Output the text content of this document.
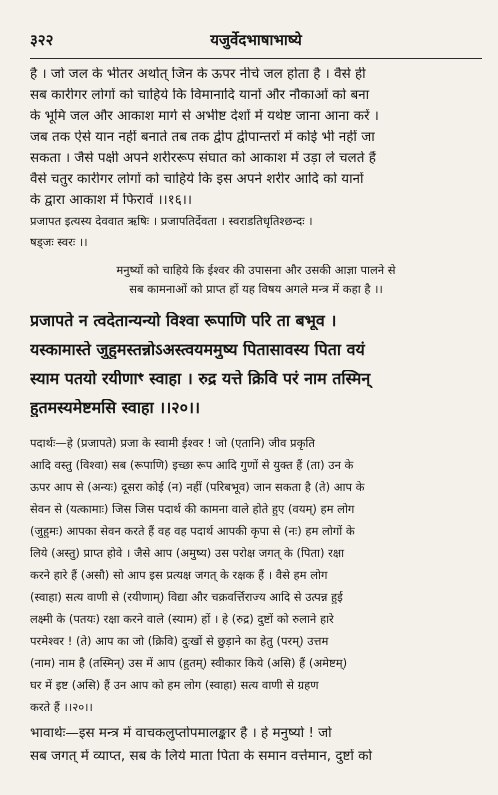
३२२	यजुर्वेदभाषाभाष्ये
है । जो जल के भीतर अर्थात् जिन के ऊपर नीचे जल होता है । वैसे ही
सब कारीगर लोगों को चाहिये कि विमानादि यानों और नौकाओं को बना
के भूमि जल और आकाश मार्ग से अभीष्ट देशों में यथेष्ट जाना आना करें ।
जब तक ऐसे यान नहीं बनाते तब तक द्वीप द्वीपान्तरों में कोई भी नहीं जा
सकता । जैसे पक्षी अपने शरीररूप संघात को आकाश में उड़ा ले चलते हैं
वैसे चतुर कारीगर लोगों को चाहिये कि इस अपने शरीर आदि को यानों
के द्वारा आकाश में फिरावें ।।१६।।
प्रजापत इत्यस्य देववात ऋषिः । प्रजापतिर्देवता । स्वराडतिधृतिश्छन्दः ।
षड्जः स्वरः ।।
मनुष्यों को चाहिये कि ईश्वर की उपासना और उसकी आज्ञा पालने से
सब कामनाओं को प्राप्त हों यह विषय अगले मन्त्र में कहा है ।।
प्रजापते न त्वदेतान्यन्यो विश्वा रूपाणि परि ता बभूव ।
यस्कामास्ते जुहुमस्तन्नोऽअस्त्वयममुष्य पितासावस्य पिता वयं
स्याम पतयो रयीणाꣳ स्वाहा । रुद्र यत्ते क्रिवि परं नाम तस्मिन्
हुतमस्यमेष्टमसि स्वाहा ।।२०।।
पदार्थः—हे (प्रजापते) प्रजा के स्वामी ईश्वर ! जो (एतानि) जीव प्रकृति
आदि वस्तु (विश्वा) सब (रूपाणि) इच्छा रूप आदि गुणों से युक्त हैं (ता) उन के
ऊपर आप से (अन्यः) दूसरा कोई (न) नहीं (परिबभूव) जान सकता है (ते) आप के
सेवन से (यत्कामाः) जिस जिस पदार्थ की कामना वाले होते हुए (वयम्) हम लोग
(जुहुमः) आपका सेवन करते हैं वह वह पदार्थ आपकी कृपा से (नः) हम लोगों के
लिये (अस्तु) प्राप्त होवे । जैसे आप (अमुष्य) उस परोक्ष जगत् के (पिता) रक्षा
करने हारे हैं (असौ) सो आप इस प्रत्यक्ष जगत् के रक्षक हैं । वैसे हम लोग
(स्वाहा) सत्य वाणी से (रयीणाम्) विद्या और चक्रवर्त्तिराज्य आदि से उत्पन्न हुई
लक्ष्मी के (पतयः) रक्षा करने वाले (स्याम) हों । हे (रुद्र) दुष्टों को रुलाने हारे
परमेश्वर ! (ते) आप का जो (क्रिवि) दुःखों से छुड़ाने का हेतु (परम्) उत्तम
(नाम) नाम है (तस्मिन्) उस में आप (हुतम्) स्वीकार किये (असि) हैं (अमेष्टम्)
घर में इष्ट (असि) हैं उन आप को हम लोग (स्वाहा) सत्य वाणी से ग्रहण
करते हैं ।।२०।।
भावार्थः—इस मन्त्र में वाचकलुप्तोपमालङ्कार है । हे मनुष्यो ! जो
सब जगत् में व्याप्त, सब के लिये माता पिता के समान वर्त्तमान, दुष्टों को
